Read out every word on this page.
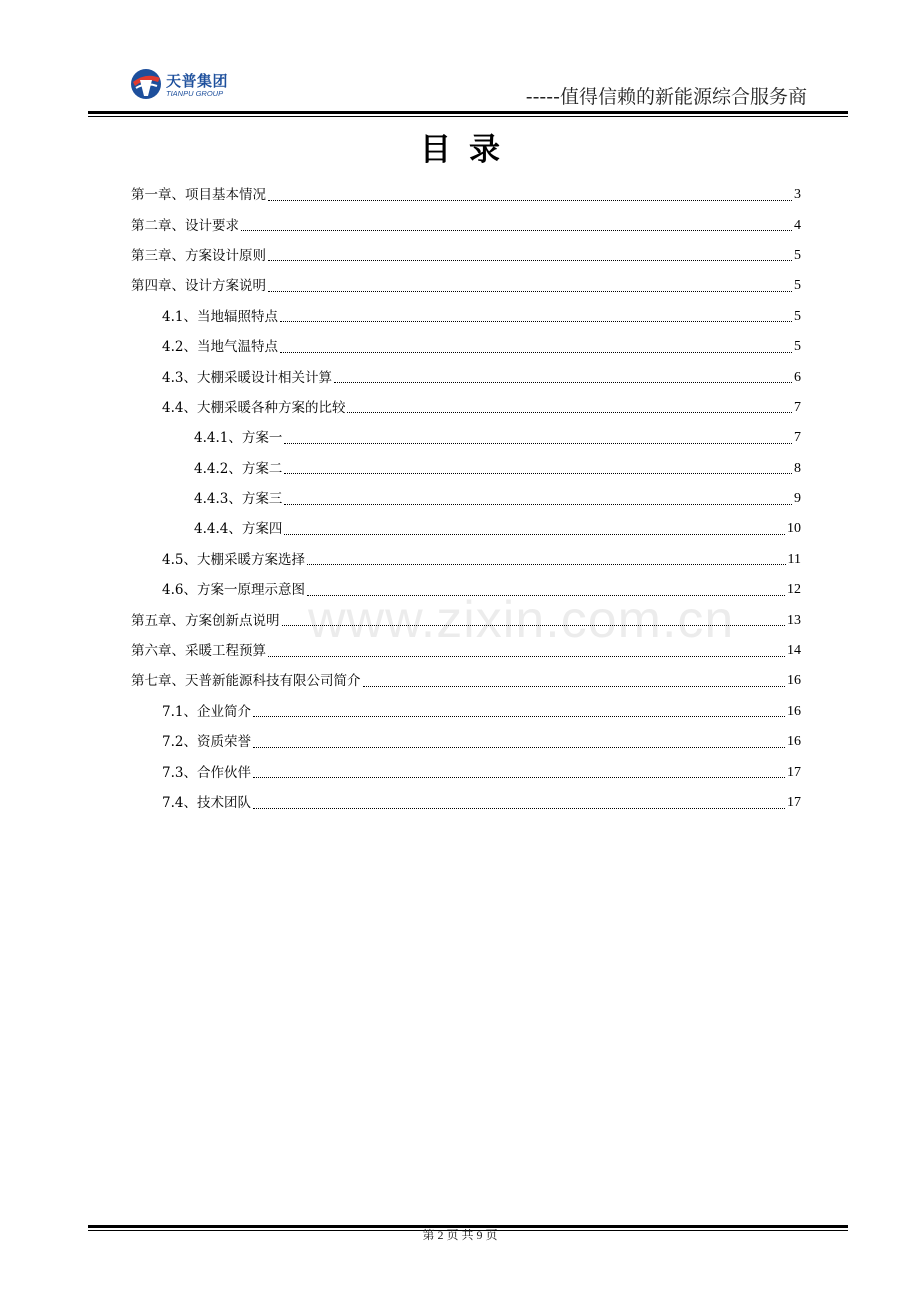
天普集团
TIANPU GROUP	-----值得信赖的新能源综合服务商
目录
第一章、项目基本情况	3
第二章、设计要求	4
第三章、方案设计原则	5
第四章、设计方案说明	5
4.1、当地辐照特点	5
4.2、当地气温特点	5
4.3、大棚采暖设计相关计算	6
4.4、大棚采暖各种方案的比较	7
4.4.1、方案一	7
4.4.2、方案二	8
4.4.3、方案三	9
4.4.4、方案四	10
4.5、大棚采暖方案选择	11
4.6、方案一原理示意图	12
第五章、方案创新点说明	13
第六章、采暖工程预算	14
第七章、天普新能源科技有限公司简介	16
7.1、企业简介	16
7.2、资质荣誉	16
7.3、合作伙伴	17
7.4、技术团队	17
www.zixin.com.cn
第 2 页 共 9 页
